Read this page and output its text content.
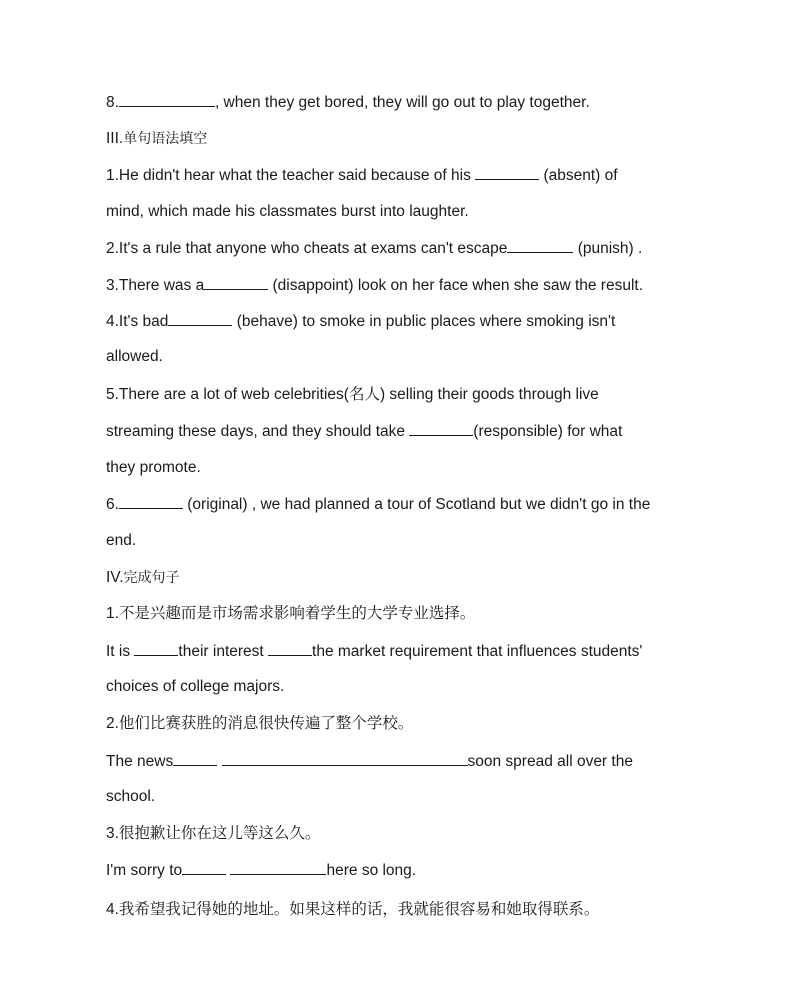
8.	, when they get bored, they will go out to play together.
III.单句语法填空
1.He didn't hear what the teacher said because of his	(absent) of
mind, which made his classmates burst into laughter.
2.It's a rule that anyone who cheats at exams can't escape	(punish) .
3.There was a	(disappoint) look on her face when she saw the result.
4.It's bad	(behave) to smoke in public places where smoking isn't
allowed.
5.There are a lot of web celebrities(名人) selling their goods through live
streaming these days, and they should take	(responsible) for what
they promote.
6.	(original) , we had planned a tour of Scotland but we didn't go in the
end.
IV.完成句子
1.不是兴趣而是市场需求影响着学生的大学专业选择。
It is	their interest	the market requirement that influences students'
choices of college majors.
2.他们比赛获胜的消息很快传遍了整个学校。
The news	soon spread all over the
school.
3.很抱歉让你在这儿等这么久。
I'm sorry to	here so long.
4.我希望我记得她的地址。如果这样的话，我就能很容易和她取得联系。
